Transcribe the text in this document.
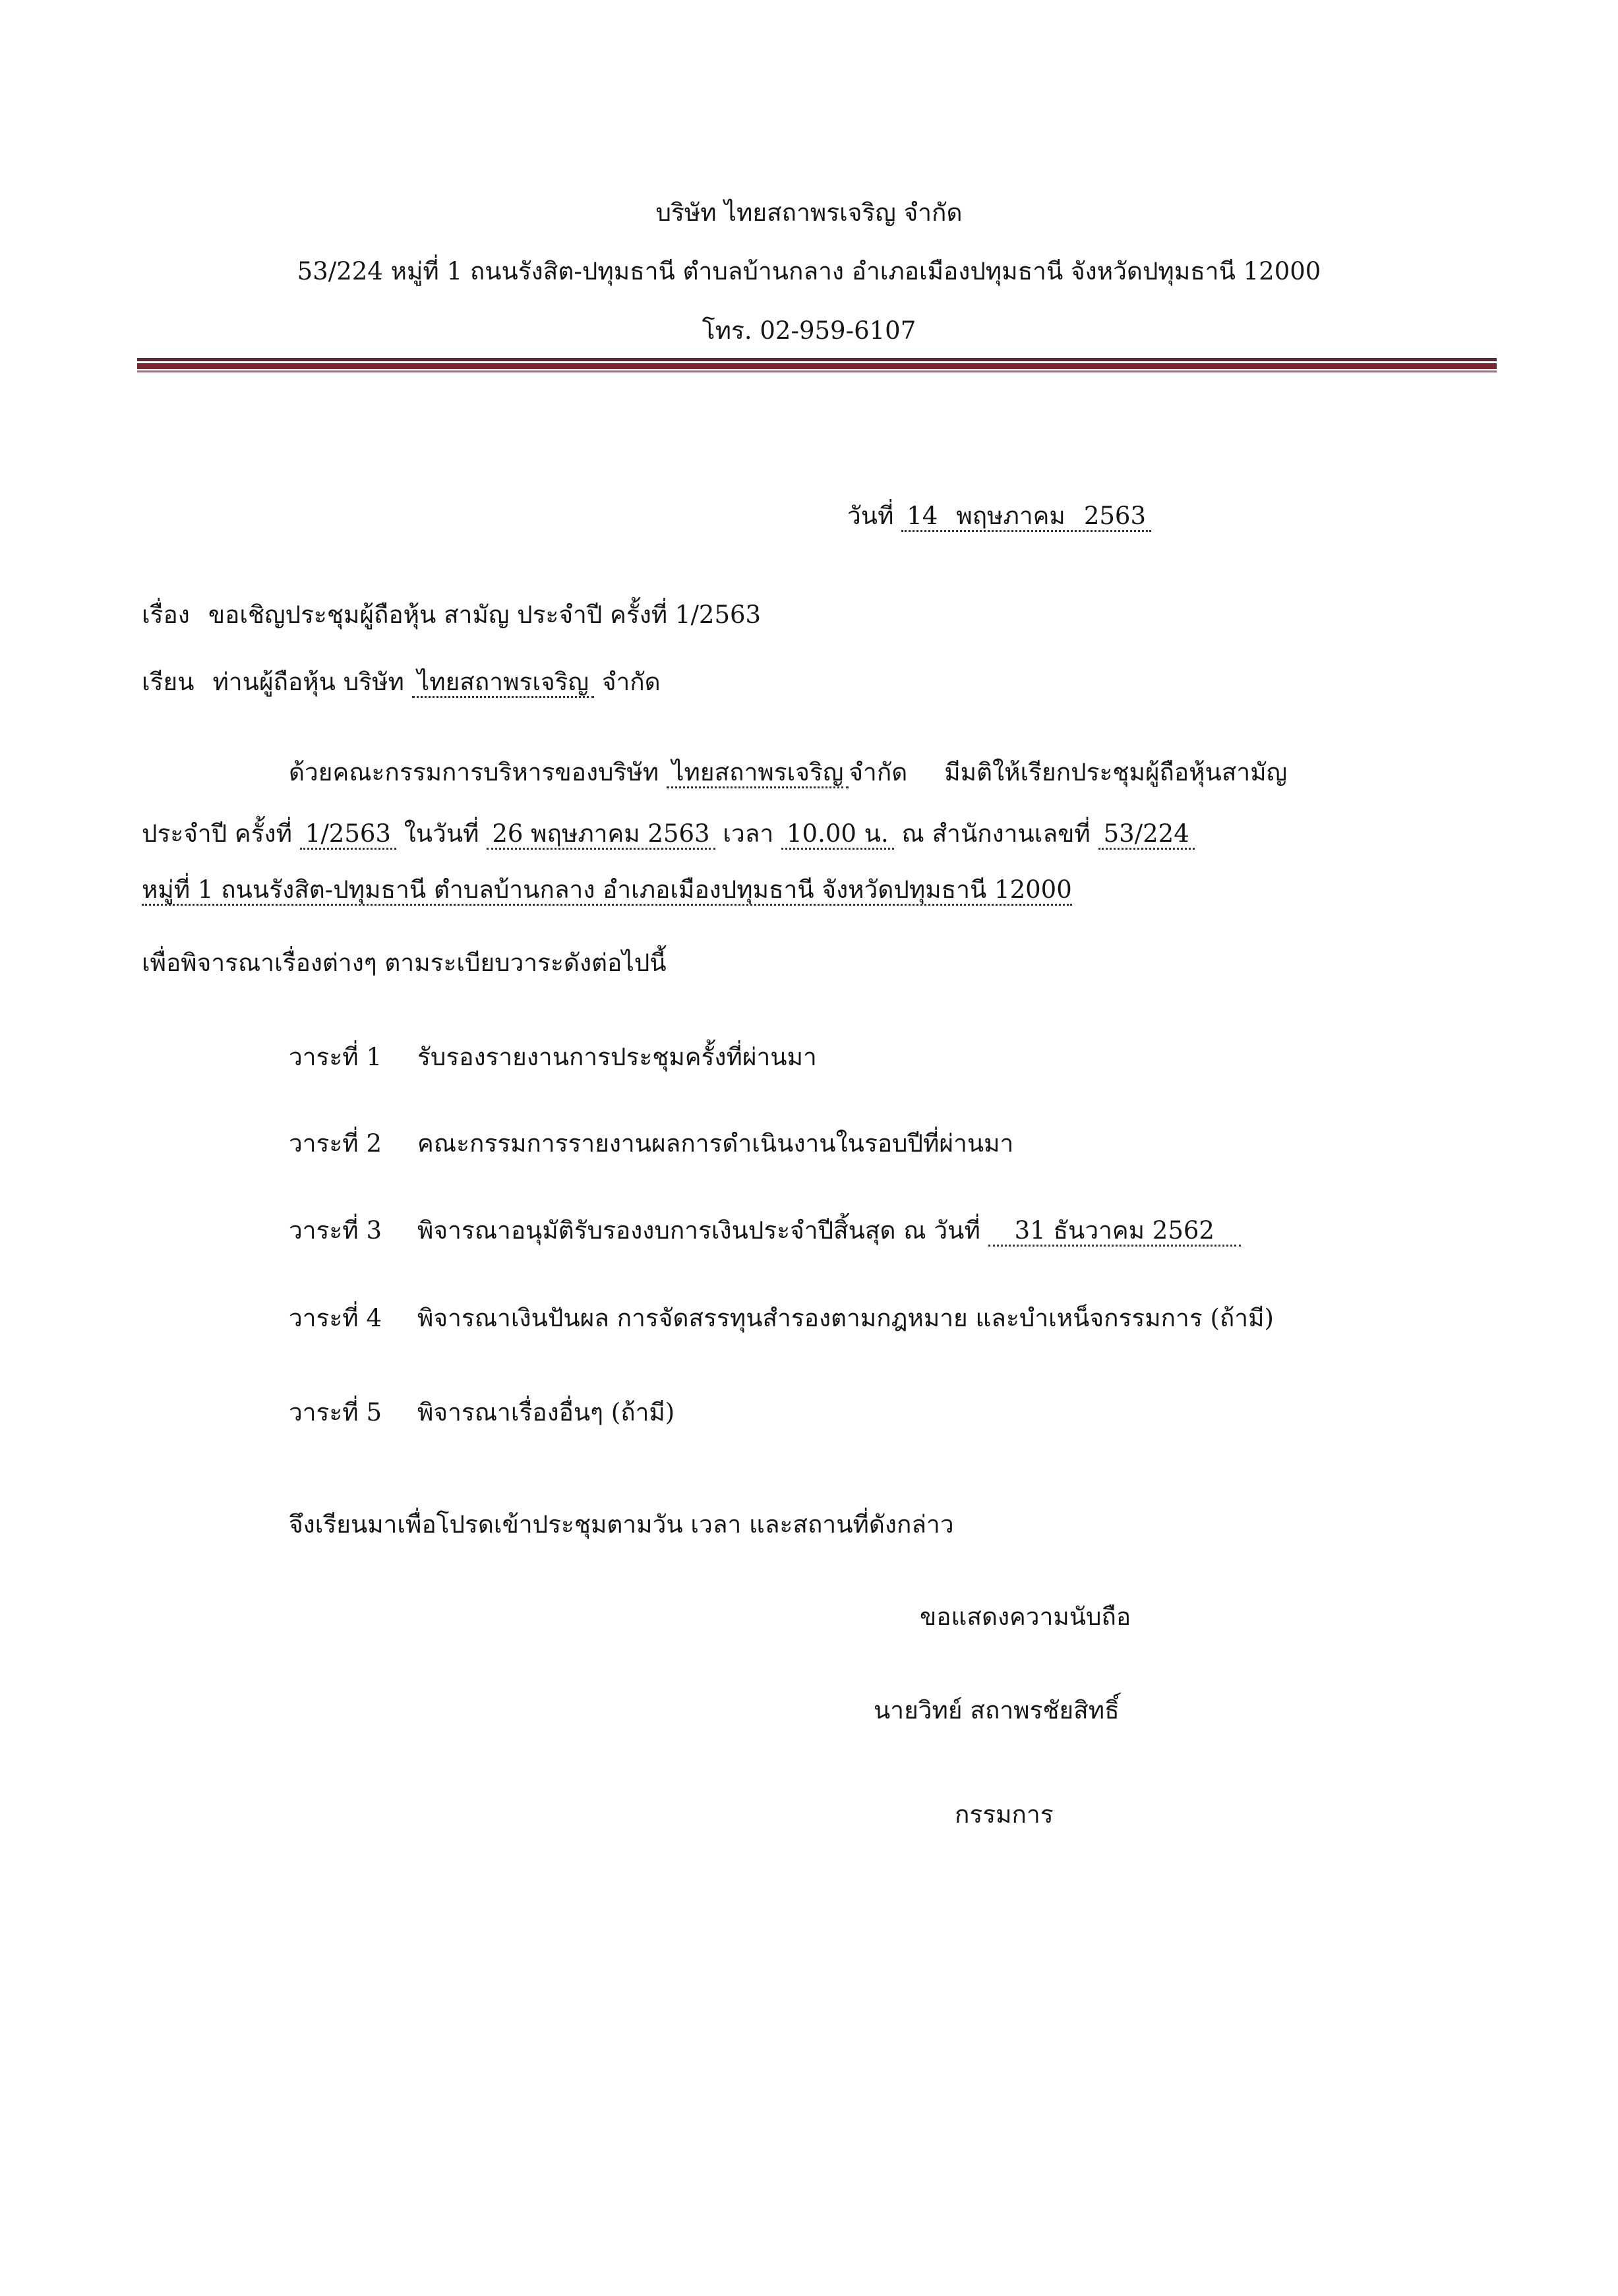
บริษัท ไทยสถาพรเจริญ จำกัด
53/224 หมู่ที่ 1 ถนนรังสิต-ปทุมธานี ตำบลบ้านกลาง อำเภอเมืองปทุมธานี จังหวัดปทุมธานี 12000
โทร. 02-959-6107
วันที่ 14 พฤษภาคม 2563
เรื่อง ขอเชิญประชุมผู้ถือหุ้น สามัญ ประจำปี ครั้งที่ 1/2563
เรียน ท่านผู้ถือหุ้น บริษัท ไทยสถาพรเจริญ จำกัด
ด้วยคณะกรรมการบริหารของบริษัท ไทยสถาพรเจริญ จำกัด มีมติให้เรียกประชุมผู้ถือหุ้นสามัญ
ประจำปี ครั้งที่ 1/2563 ในวันที่ 26 พฤษภาคม 2563 เวลา 10.00 น. ณ สำนักงานเลขที่ 53/224
หมู่ที่ 1 ถนนรังสิต-ปทุมธานี ตำบลบ้านกลาง อำเภอเมืองปทุมธานี จังหวัดปทุมธานี 12000
เพื่อพิจารณาเรื่องต่างๆ ตามระเบียบวาระดังต่อไปนี้
วาระที่ 1 รับรองรายงานการประชุมครั้งที่ผ่านมา
วาระที่ 2 คณะกรรมการรายงานผลการดำเนินงานในรอบปีที่ผ่านมา
วาระที่ 3 พิจารณาอนุมัติรับรองงบการเงินประจำปีสิ้นสุด ณ วันที่ 31 ธันวาคม 2562
วาระที่ 4 พิจารณาเงินปันผล การจัดสรรทุนสำรองตามกฎหมาย และบำเหน็จกรรมการ (ถ้ามี)
วาระที่ 5 พิจารณาเรื่องอื่นๆ (ถ้ามี)
จึงเรียนมาเพื่อโปรดเข้าประชุมตามวัน เวลา และสถานที่ดังกล่าว
ขอแสดงความนับถือ
นายวิทย์ สถาพรชัยสิทธิ์
กรรมการ
